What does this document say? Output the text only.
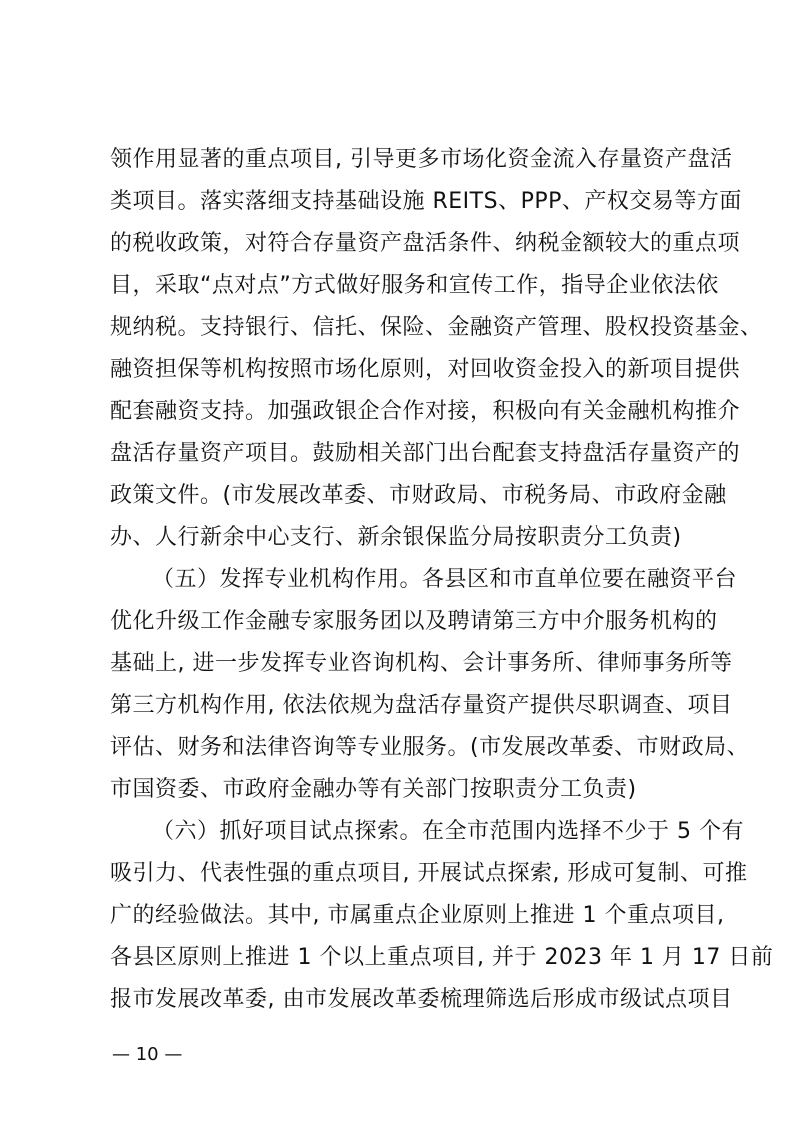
领作用显著的重点项目, 引导更多市场化资金流入存量资产盘活
类项目。落实落细支持基础设施 REITS、PPP、产权交易等方面
的税收政策，对符合存量资产盘活条件、纳税金额较大的重点项
目，采取“点对点”方式做好服务和宣传工作，指导企业依法依
规纳税。支持银行、信托、保险、金融资产管理、股权投资基金、
融资担保等机构按照市场化原则，对回收资金投入的新项目提供
配套融资支持。加强政银企合作对接，积极向有关金融机构推介
盘活存量资产项目。鼓励相关部门出台配套支持盘活存量资产的
政策文件。(市发展改革委、市财政局、市税务局、市政府金融
办、人行新余中心支行、新余银保监分局按职责分工负责)
（五）发挥专业机构作用。各县区和市直单位要在融资平台
优化升级工作金融专家服务团以及聘请第三方中介服务机构的
基础上, 进一步发挥专业咨询机构、会计事务所、律师事务所等
第三方机构作用, 依法依规为盘活存量资产提供尽职调查、项目
评估、财务和法律咨询等专业服务。(市发展改革委、市财政局、
市国资委、市政府金融办等有关部门按职责分工负责)
（六）抓好项目试点探索。在全市范围内选择不少于 5 个有
吸引力、代表性强的重点项目, 开展试点探索, 形成可复制、可推
广的经验做法。其中, 市属重点企业原则上推进 1 个重点项目,
各县区原则上推进 1 个以上重点项目, 并于 2023 年 1 月 17 日前
报市发展改革委, 由市发展改革委梳理筛选后形成市级试点项目
— 10 —
